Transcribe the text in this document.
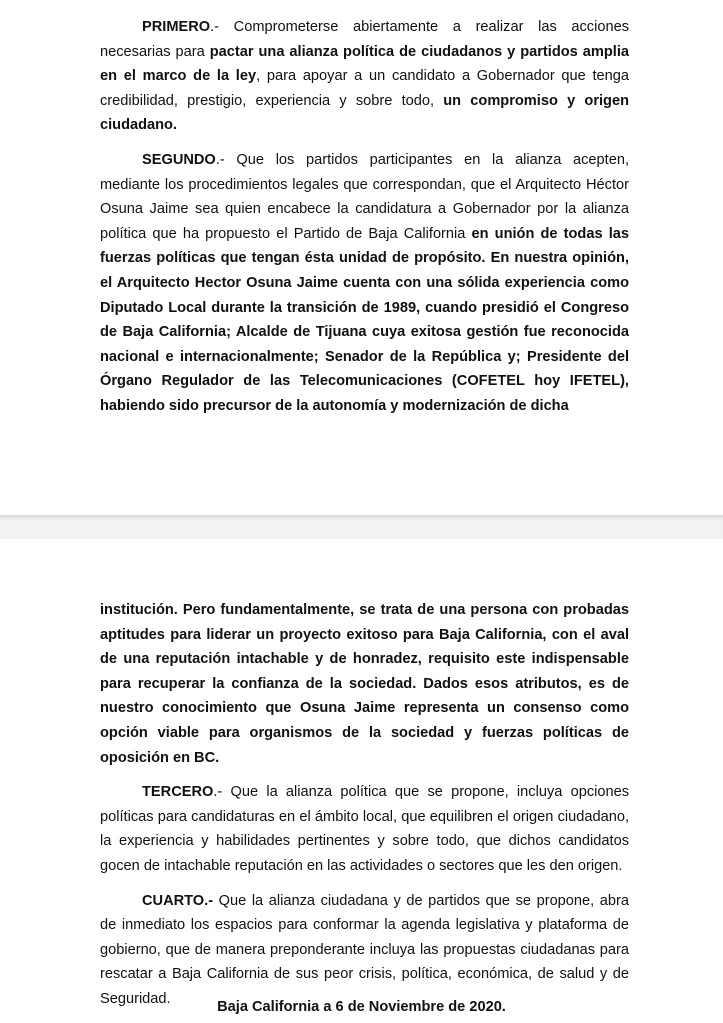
PRIMERO.- Comprometerse abiertamente a realizar las acciones necesarias para pactar una alianza política de ciudadanos y partidos amplia en el marco de la ley, para apoyar a un candidato a Gobernador que tenga credibilidad, prestigio, experiencia y sobre todo, un compromiso y origen ciudadano.

SEGUNDO.- Que los partidos participantes en la alianza acepten, mediante los procedimientos legales que correspondan, que el Arquitecto Héctor Osuna Jaime sea quien encabece la candidatura a Gobernador por la alianza política que ha propuesto el Partido de Baja California en unión de todas las fuerzas políticas que tengan ésta unidad de propósito. En nuestra opinión, el Arquitecto Hector Osuna Jaime cuenta con una sólida experiencia como Diputado Local durante la transición de 1989, cuando presidió el Congreso de Baja California; Alcalde de Tijuana cuya exitosa gestión fue reconocida nacional e internacionalmente; Senador de la República y; Presidente del Órgano Regulador de las Telecomunicaciones (COFETEL hoy IFETEL), habiendo sido precursor de la autonomía y modernización de dicha

institución. Pero fundamentalmente, se trata de una persona con probadas aptitudes para liderar un proyecto exitoso para Baja California, con el aval de una reputación intachable y de honradez, requisito este indispensable para recuperar la confianza de la sociedad. Dados esos atributos, es de nuestro conocimiento que Osuna Jaime representa un consenso como opción viable para organismos de la sociedad y fuerzas políticas de oposición en BC.

TERCERO.- Que la alianza política que se propone, incluya opciones políticas para candidaturas en el ámbito local, que equilibren el origen ciudadano, la experiencia y habilidades pertinentes y sobre todo, que dichos candidatos gocen de intachable reputación en las actividades o sectores que les den origen.

CUARTO.- Que la alianza ciudadana y de partidos que se propone, abra de inmediato los espacios para conformar la agenda legislativa y plataforma de gobierno, que de manera preponderante incluya las propuestas ciudadanas para rescatar a Baja California de sus peor crisis, política, económica, de salud y de Seguridad.

Baja California a 6 de Noviembre de 2020.
